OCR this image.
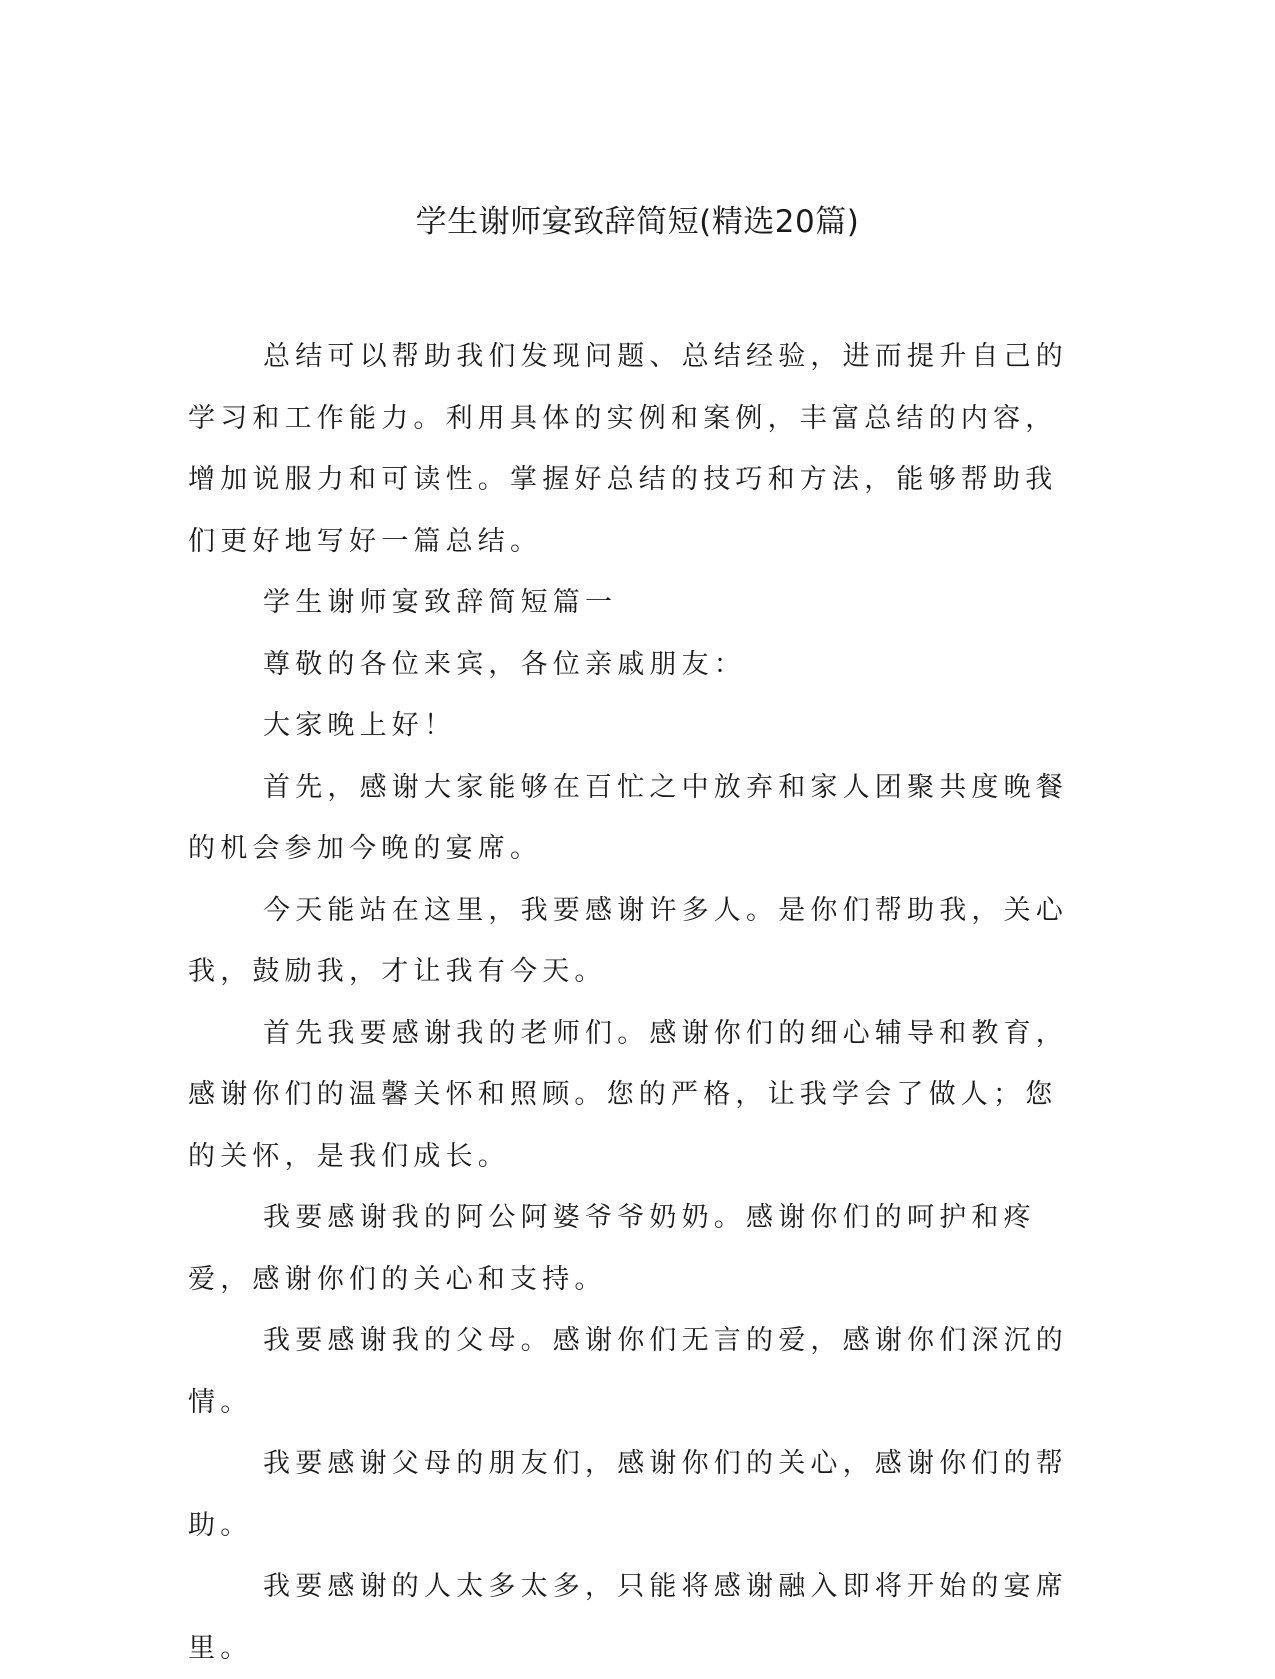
学生谢师宴致辞简短(精选20篇)

总结可以帮助我们发现问题、总结经验，进而提升自己的学习和工作能力。利用具体的实例和案例，丰富总结的内容，增加说服力和可读性。掌握好总结的技巧和方法，能够帮助我们更好地写好一篇总结。

学生谢师宴致辞简短篇一

尊敬的各位来宾，各位亲戚朋友：

大家晚上好！

首先，感谢大家能够在百忙之中放弃和家人团聚共度晚餐的机会参加今晚的宴席。

今天能站在这里，我要感谢许多人。是你们帮助我，关心我，鼓励我，才让我有今天。

首先我要感谢我的老师们。感谢你们的细心辅导和教育，感谢你们的温馨关怀和照顾。您的严格，让我学会了做人；您的关怀，是我们成长。

我要感谢我的阿公阿婆爷爷奶奶。感谢你们的呵护和疼爱，感谢你们的关心和支持。

我要感谢我的父母。感谢你们无言的爱，感谢你们深沉的情。

我要感谢父母的朋友们，感谢你们的关心，感谢你们的帮助。

我要感谢的人太多太多，只能将感谢融入即将开始的宴席里。
